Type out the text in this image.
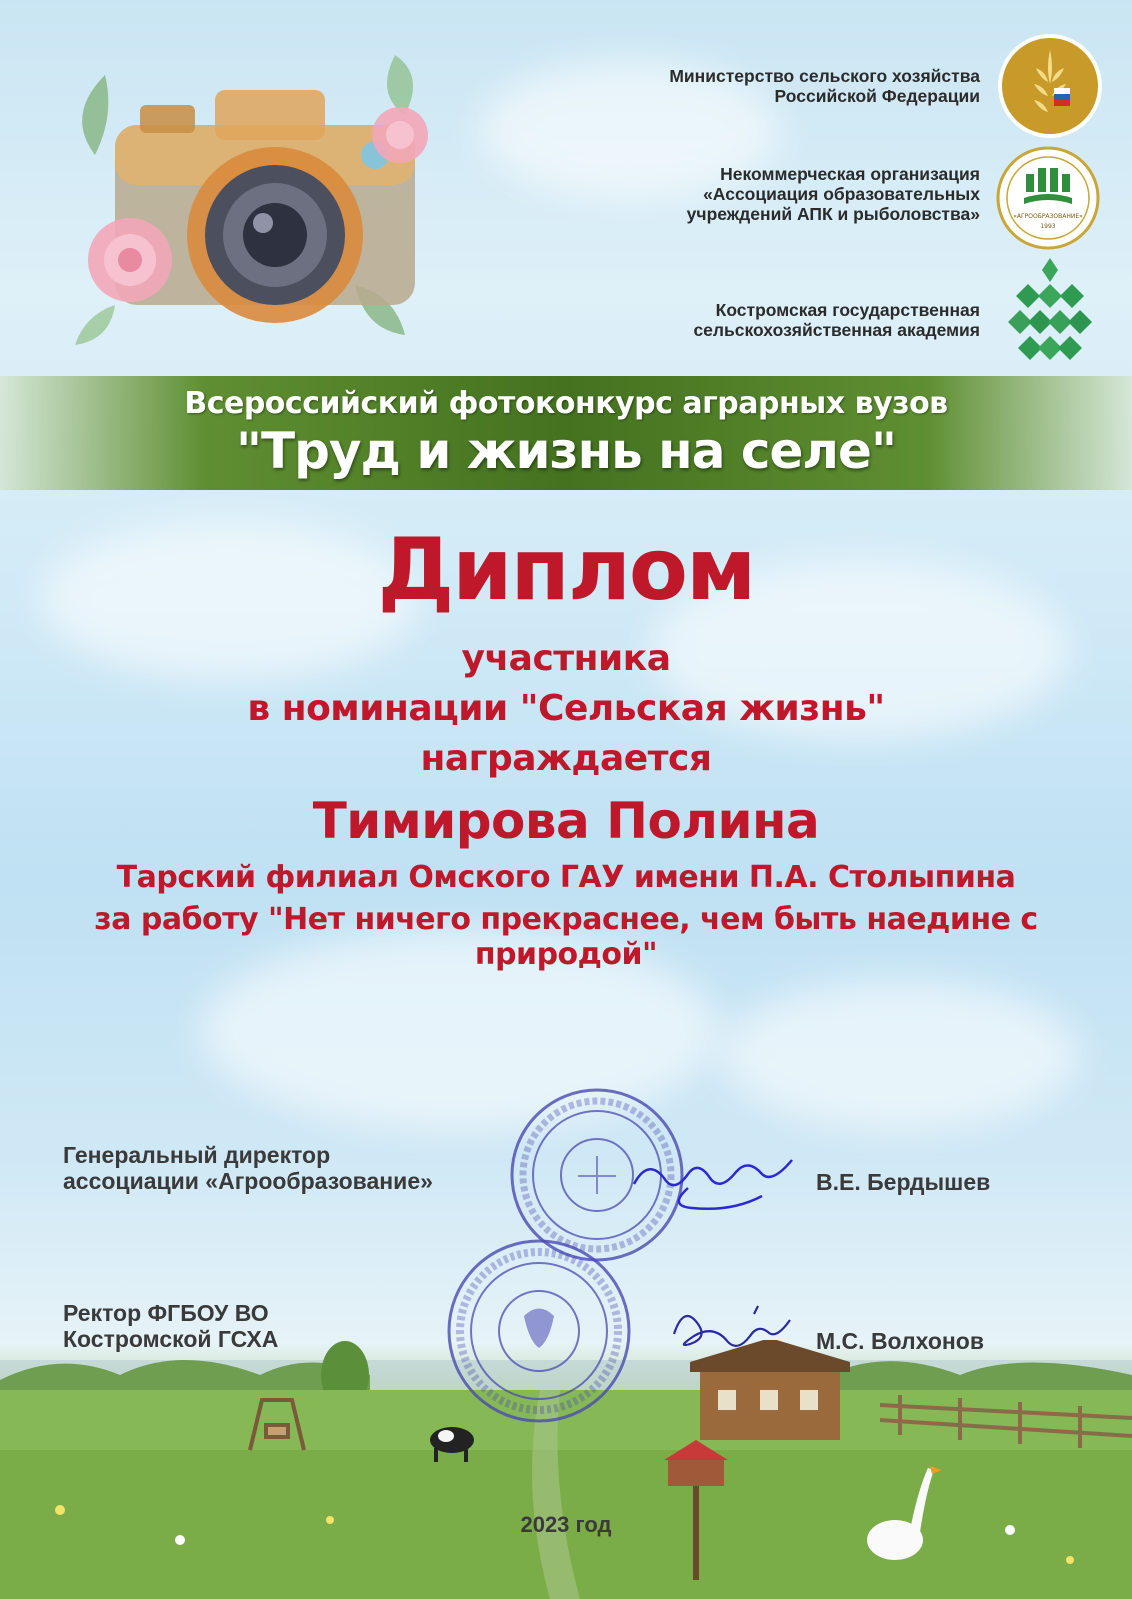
Министерство сельского хозяйства
Российской Федерации
Некоммерческая организация
«Ассоциация образовательных
учреждений АПК и рыболовства»
Костромская государственная
сельскохозяйственная академия
«АГРООБРАЗОВАНИЕ»
1993
Всероссийский фотоконкурс аграрных вузов
"Труд и жизнь на селе"
Диплом
участника
в номинации "Сельская жизнь"
награждается
Тимирова Полина
Тарский филиал Омского ГАУ имени П.А. Столыпина
за работу "Нет ничего прекраснее, чем быть наедине с природой"
Генеральный директор
ассоциации «Агрообразование»	В.Е. Бердышев
Ректор ФГБОУ ВО
Костромской ГСХА	М.С. Волхонов
2023 год
